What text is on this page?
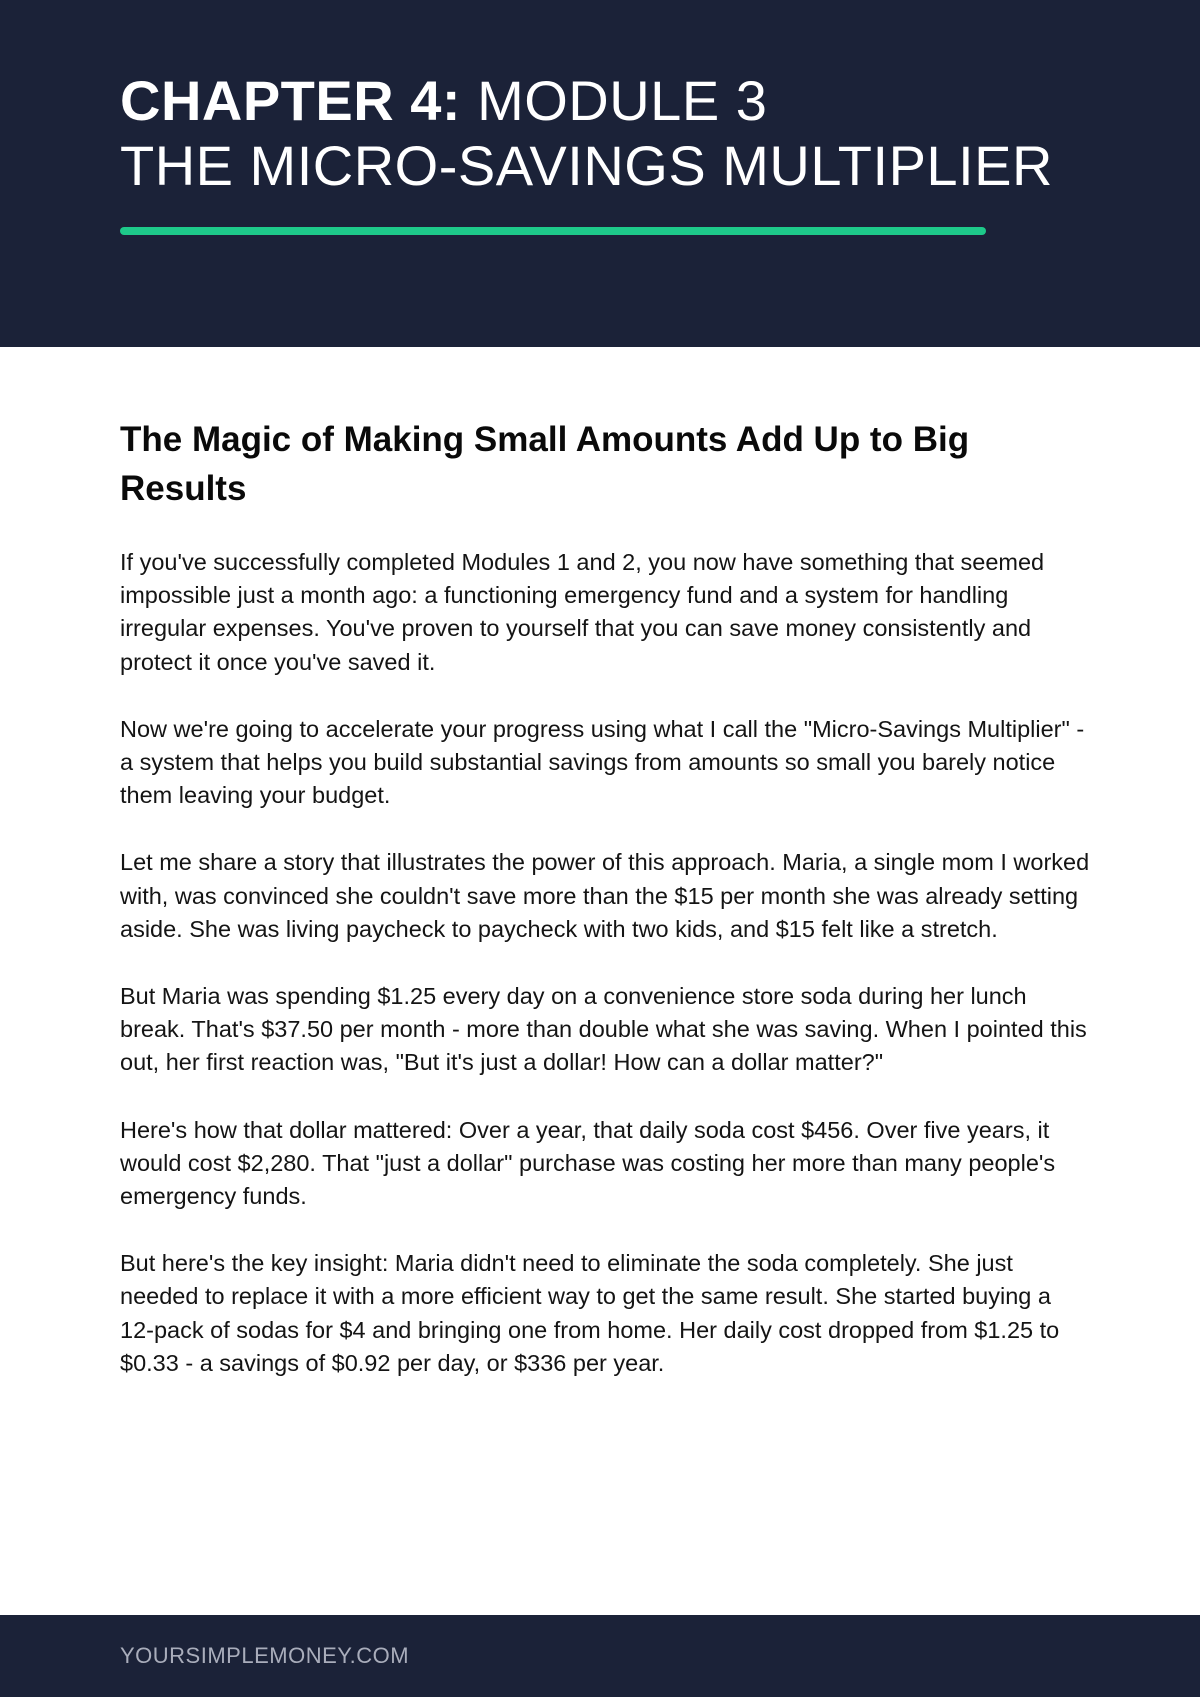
CHAPTER 4: MODULE 3
THE MICRO-SAVINGS MULTIPLIER
The Magic of Making Small Amounts Add Up to Big Results

If you've successfully completed Modules 1 and 2, you now have something that seemed impossible just a month ago: a functioning emergency fund and a system for handling irregular expenses. You've proven to yourself that you can save money consistently and protect it once you've saved it.

Now we're going to accelerate your progress using what I call the "Micro-Savings Multiplier" - a system that helps you build substantial savings from amounts so small you barely notice them leaving your budget.

Let me share a story that illustrates the power of this approach. Maria, a single mom I worked with, was convinced she couldn't save more than the $15 per month she was already setting aside. She was living paycheck to paycheck with two kids, and $15 felt like a stretch.

But Maria was spending $1.25 every day on a convenience store soda during her lunch break. That's $37.50 per month - more than double what she was saving. When I pointed this out, her first reaction was, "But it's just a dollar! How can a dollar matter?"

Here's how that dollar mattered: Over a year, that daily soda cost $456. Over five years, it would cost $2,280. That "just a dollar" purchase was costing her more than many people's emergency funds.

But here's the key insight: Maria didn't need to eliminate the soda completely. She just needed to replace it with a more efficient way to get the same result. She started buying a 12-pack of sodas for $4 and bringing one from home. Her daily cost dropped from $1.25 to $0.33 - a savings of $0.92 per day, or $336 per year.

YOURSIMPLEMONEY.COM
